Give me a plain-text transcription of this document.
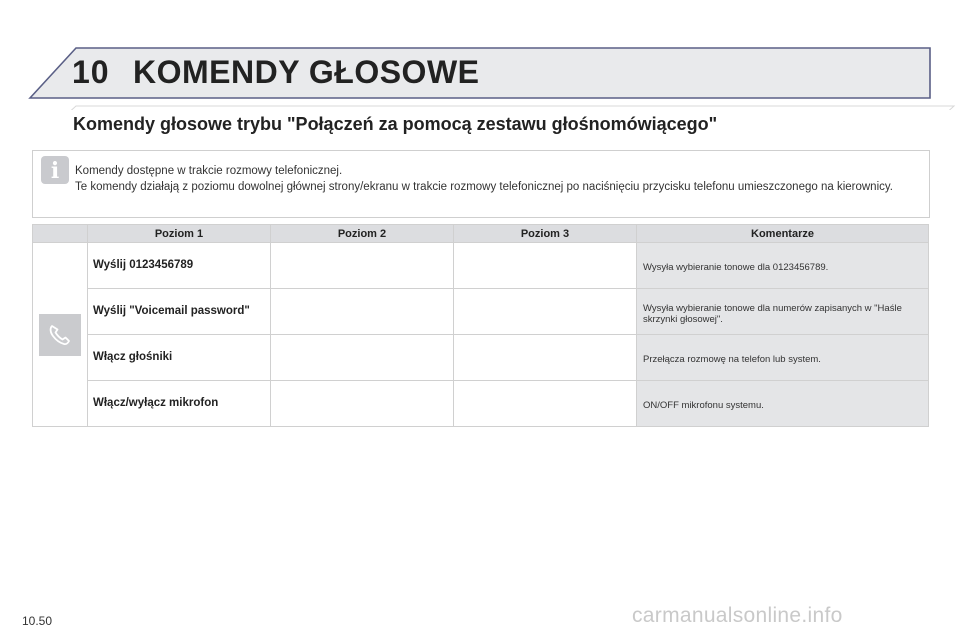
10 KOMENDY GŁOSOWE
Komendy głosowe trybu "Połączeń za pomocą zestawu głośnomówiącego"
i	Komendy dostępne w trakcie rozmowy telefonicznej.
Te komendy działają z poziomu dowolnej głównej strony/ekranu w trakcie rozmowy telefonicznej po naciśnięciu przycisku telefonu umieszczonego na kierownicy.
	Poziom 1	Poziom 2	Poziom 3	Komentarze

	Wyślij 0123456789			Wysyła wybieranie tonowe dla 0123456789.

	Wyślij "Voicemail password"			Wysyła wybieranie tonowe dla numerów zapisanych w "Haśle skrzynki głosowej".

	Włącz głośniki			Przełącza rozmowę na telefon lub system.

	Włącz/wyłącz mikrofon			ON/OFF mikrofonu systemu.
10.50	carmanualsonline.info
